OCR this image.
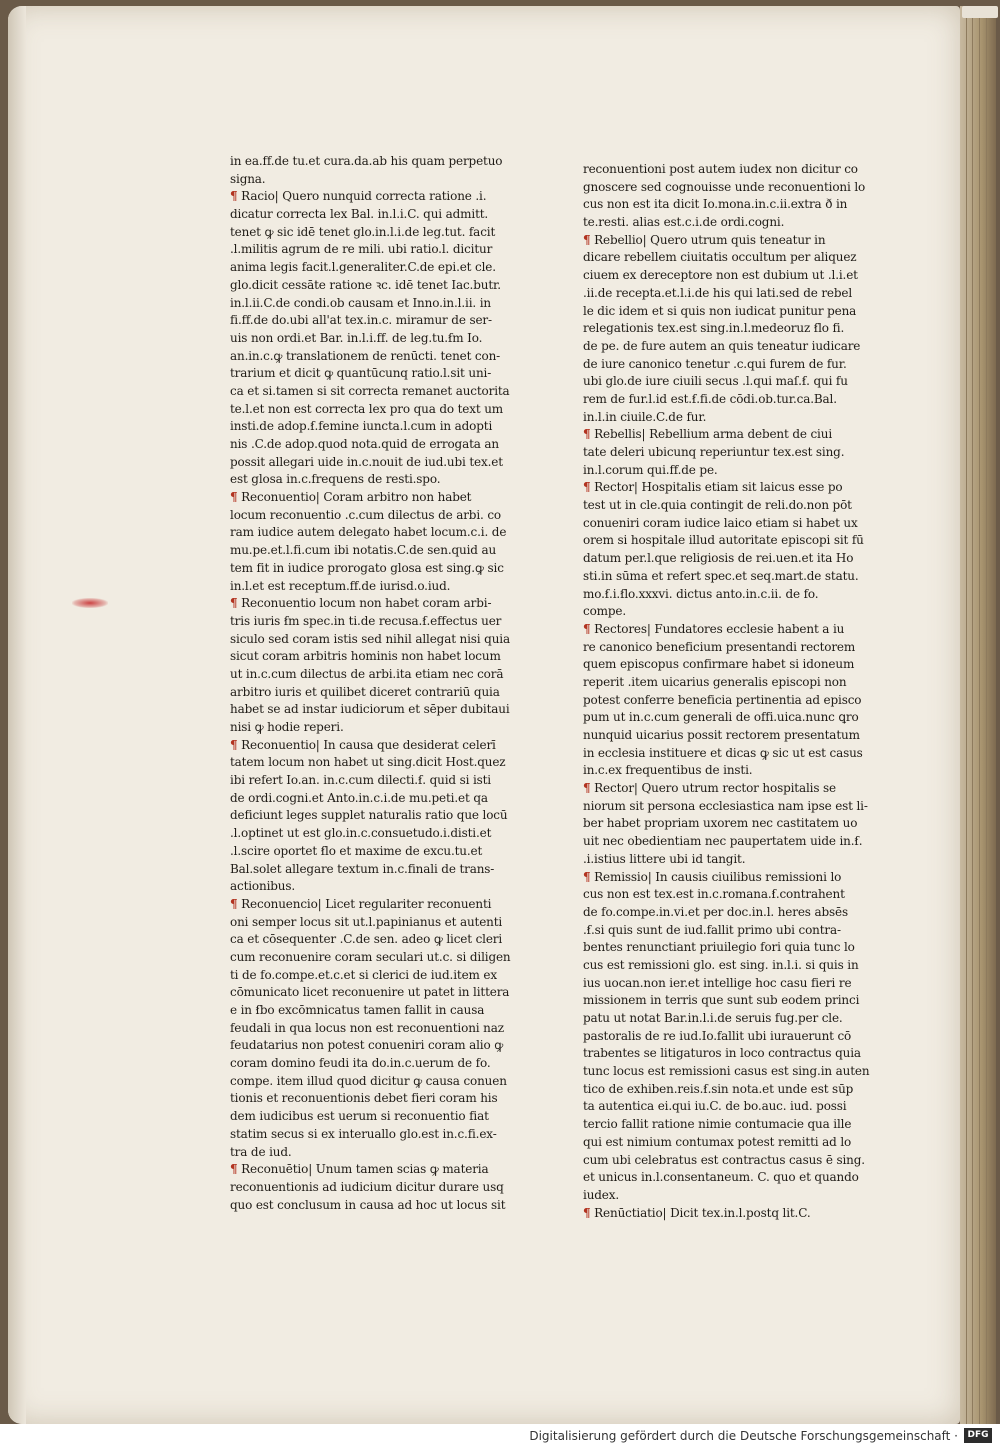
in ea.ff.de tu.et cura.da.ab his quam perpetuo
signa.
¶ Racio| Quero nunquid correcta ratione .i.
dicatur correcta lex Bal. in.l.i.C. qui admitt.
tenet ꝙ sic idē tenet glo.in.l.i.de leg.tut. facit
.l.militis agrum de re mili. ubi ratio.l. dicitur
anima legis facit.l.generaliter.C.de epi.et cle.
glo.dicit cessāte ratione ꝛc. idē tenet Iac.butr.
in.l.ii.C.de condi.ob causam et Inno.in.l.ii. in
fi.ff.de do.ubi all'at tex.in.c. miramur de ser-
uis non ordi.et Bar. in.l.i.ff. de leg.tu.ẜm Io.
an.in.c.ꝙ translationem de renūcti. tenet con-
trarium et dicit ꝙ quantūcunq ratio.l.sit uni-
ca et si.tamen si sit correcta remanet auctorita
te.l.et non est correcta lex pro qua do text um
insti.de adop.ẜ.femine iuncta.l.cum in adopti
nis .C.de adop.quod nota.quid de errogata an
possit allegari uide in.c.nouit de iud.ubi tex.et
est glosa in.c.frequens de resti.spo.
¶ Reconuentio| Coram arbitro non habet
locum reconuentio .c.cum dilectus de arbi. co
ram iudice autem delegato habet locum.c.i. de
mu.pe.et.l.fi.cum ibi notatis.C.de sen.quid au
tem fit in iudice prorogato glosa est sing.ꝙ sic
in.l.et est receptum.ff.de iurisd.o.iud.
¶ Reconuentio locum non habet coram arbi-
tris iuris ẜm spec.in ti.de recusa.ẜ.effectus uer
siculo sed coram istis sed nihil allegat nisi quia
sicut coram arbitris hominis non habet locum
ut in.c.cum dilectus de arbi.ita etiam nec corā
arbitro iuris et quilibet diceret contrariū quia
habet se ad instar iudiciorum et sēper dubitaui
nisi ꝙ hodie reperi.
¶ Reconuentio| In causa que desiderat celerī
tatem locum non habet ut sing.dicit Host.quez
ibi refert Io.an. in.c.cum dilecti.ẜ. quid si isti
de ordi.cogni.et Anto.in.c.i.de mu.peti.et qa
deficiunt leges supplet naturalis ratio que locū
.l.optinet ut est glo.in.c.consuetudo.i.disti.et
.l.scire oportet ẜlo et maxime de excu.tu.et
Bal.solet allegare textum in.c.finali de trans-
actionibus.
¶ Reconuencio| Licet regulariter reconuenti
oni semper locus sit ut.l.papinianus et autenti
ca et cōsequenter .C.de sen. adeo ꝙ licet cleri
cum reconuenire coram seculari ut.c. si diligen
ti de fo.compe.et.c.et si clerici de iud.item ex
cōmunicato licet reconuenire ut patet in littera
e in ẜbo excōmnicatus tamen fallit in causa
feudali in qua locus non est reconuentioni naz
feudatarius non potest conueniri coram alio ꝙ
coram domino feudi ita do.in.c.uerum de fo.
compe. item illud quod dicitur ꝙ causa conuen
tionis et reconuentionis debet fieri coram his
dem iudicibus est uerum si reconuentio fiat
statim secus si ex interuallo glo.est in.c.fi.ex-
tra de iud.
¶ Reconuētio| Unum tamen scias ꝙ materia
reconuentionis ad iudicium dicitur durare usq
quo est conclusum in causa ad hoc ut locus sit
reconuentioni post autem iudex non dicitur co
gnoscere sed cognouisse unde reconuentioni lo
cus non est ita dicit Io.mona.in.c.ii.extra ð in
te.resti. alias est.c.i.de ordi.cogni.
¶ Rebellio| Quero utrum quis teneatur in
dicare rebellem ciuitatis occultum per aliquez
ciuem ex dereceptore non est dubium ut .l.i.et
.ii.de recepta.et.l.i.de his qui lati.sed de rebel
le dic idem et si quis non iudicat punitur pena
relegationis tex.est sing.in.l.medeoruz ẜlo fi.
de pe. de fure autem an quis teneatur iudicare
de iure canonico tenetur .c.qui furem de fur.
ubi glo.de iure ciuili secus .l.qui maſ.ẜ. qui fu
rem de fur.l.id est.ẜ.fi.de cōdi.ob.tur.ca.Bal.
in.l.in ciuile.C.de fur.
¶ Rebellis| Rebellium arma debent de ciui
tate deleri ubicunq reperiuntur tex.est sing.
in.l.corum qui.ff.de pe.
¶ Rector| Hospitalis etiam sit laicus esse po
test ut in cle.quia contingit de reli.do.non pōt
conueniri coram iudice laico etiam si habet ux
orem si hospitale illud autoritate episcopi sit fū
datum per.l.que religiosis de rei.uen.et ita Ho
sti.in sūma et refert spec.et seq.mart.de statu.
mo.ẜ.i.ẜlo.xxxvi. dictus anto.in.c.ii. de fo.
compe.
¶ Rectores| Fundatores ecclesie habent a iu
re canonico beneficium presentandi rectorem
quem episcopus confirmare habet si idoneum
reperit .item uicarius generalis episcopi non
potest conferre beneficia pertinentia ad episco
pum ut in.c.cum generali de offi.uica.nunc ꝗro
nunquid uicarius possit rectorem presentatum
in ecclesia instituere et dicas ꝙ sic ut est casus
in.c.ex frequentibus de insti.
¶ Rector| Quero utrum rector hospitalis se
niorum sit persona ecclesiastica nam ipse est li-
ber habet propriam uxorem nec castitatem uo
uit nec obedientiam nec paupertatem uide in.ẜ.
.i.istius littere ubi id tangit.
¶ Remissio| In causis ciuilibus remissioni lo
cus non est tex.est in.c.romana.ẜ.contrahent
de fo.compe.in.vi.et per doc.in.l. heres absēs
.ẜ.si quis sunt de iud.fallit primo ubi contra-
bentes renunctiant priuilegio fori quia tunc lo
cus est remissioni glo. est sing. in.l.i. si quis in
ius uocan.non ier.et intellige hoc casu fieri re
missionem in terris que sunt sub eodem princi
patu ut notat Bar.in.l.i.de seruis fug.per cle.
pastoralis de re iud.Io.fallit ubi iurauerunt cō
trabentes se litigaturos in loco contractus quia
tunc locus est remissioni casus est sing.in auten
tico de exhiben.reis.ẜ.sin nota.et unde est sūp
ta autentica ei.qui iu.C. de bo.auc. iud. possi
tercio fallit ratione nimie contumacie qua ille
qui est nimium contumax potest remitti ad lo
cum ubi celebratus est contractus casus ē sing.
et unicus in.l.consentaneum. C. quo et quando
iudex.
¶ Renūctiatio| Dicit tex.in.l.postq lit.C.
Digitalisierung gefördert durch die Deutsche Forschungsgemeinschaft ·	DFG
